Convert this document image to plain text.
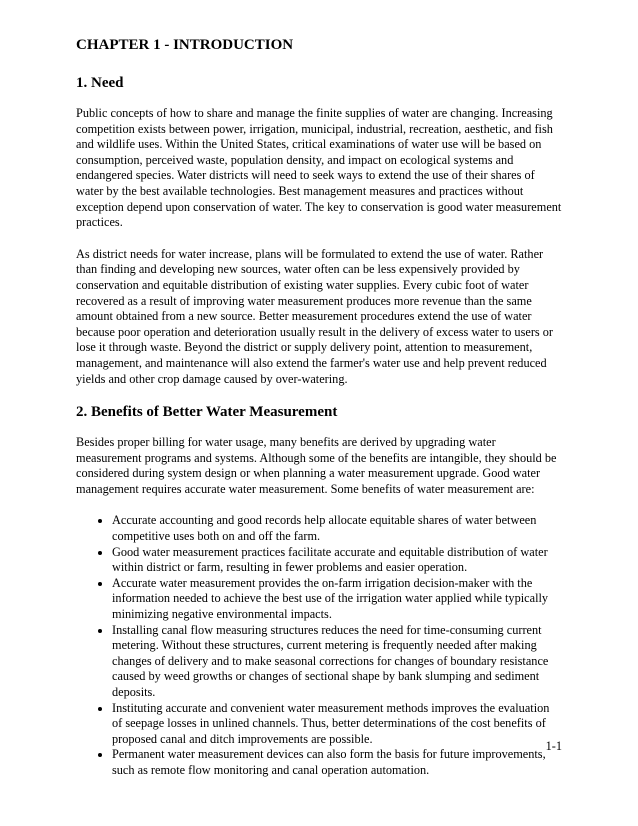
CHAPTER 1 - INTRODUCTION
1. Need

Public concepts of how to share and manage the finite supplies of water are changing. Increasing competition exists between power, irrigation, municipal, industrial, recreation, aesthetic, and fish and wildlife uses. Within the United States, critical examinations of water use will be based on consumption, perceived waste, population density, and impact on ecological systems and endangered species. Water districts will need to seek ways to extend the use of their shares of water by the best available technologies. Best management measures and practices without exception depend upon conservation of water. The key to conservation is good water measurement practices.

As district needs for water increase, plans will be formulated to extend the use of water. Rather than finding and developing new sources, water often can be less expensively provided by conservation and equitable distribution of existing water supplies. Every cubic foot of water recovered as a result of improving water measurement produces more revenue than the same amount obtained from a new source. Better measurement procedures extend the use of water because poor operation and deterioration usually result in the delivery of excess water to users or lose it through waste. Beyond the district or supply delivery point, attention to measurement, management, and maintenance will also extend the farmer's water use and help prevent reduced yields and other crop damage caused by over-watering.

2. Benefits of Better Water Measurement

Besides proper billing for water usage, many benefits are derived by upgrading water measurement programs and systems. Although some of the benefits are intangible, they should be considered during system design or when planning a water measurement upgrade. Good water management requires accurate water measurement. Some benefits of water measurement are:

• Accurate accounting and good records help allocate equitable shares of water between competitive uses both on and off the farm.
• Good water measurement practices facilitate accurate and equitable distribution of water within district or farm, resulting in fewer problems and easier operation.
• Accurate water measurement provides the on-farm irrigation decision-maker with the information needed to achieve the best use of the irrigation water applied while typically minimizing negative environmental impacts.
• Installing canal flow measuring structures reduces the need for time-consuming current metering. Without these structures, current metering is frequently needed after making changes of delivery and to make seasonal corrections for changes of boundary resistance caused by weed growths or changes of sectional shape by bank slumping and sediment deposits.
• Instituting accurate and convenient water measurement methods improves the evaluation of seepage losses in unlined channels. Thus, better determinations of the cost benefits of proposed canal and ditch improvements are possible.
• Permanent water measurement devices can also form the basis for future improvements, such as remote flow monitoring and canal operation automation.
1-1
